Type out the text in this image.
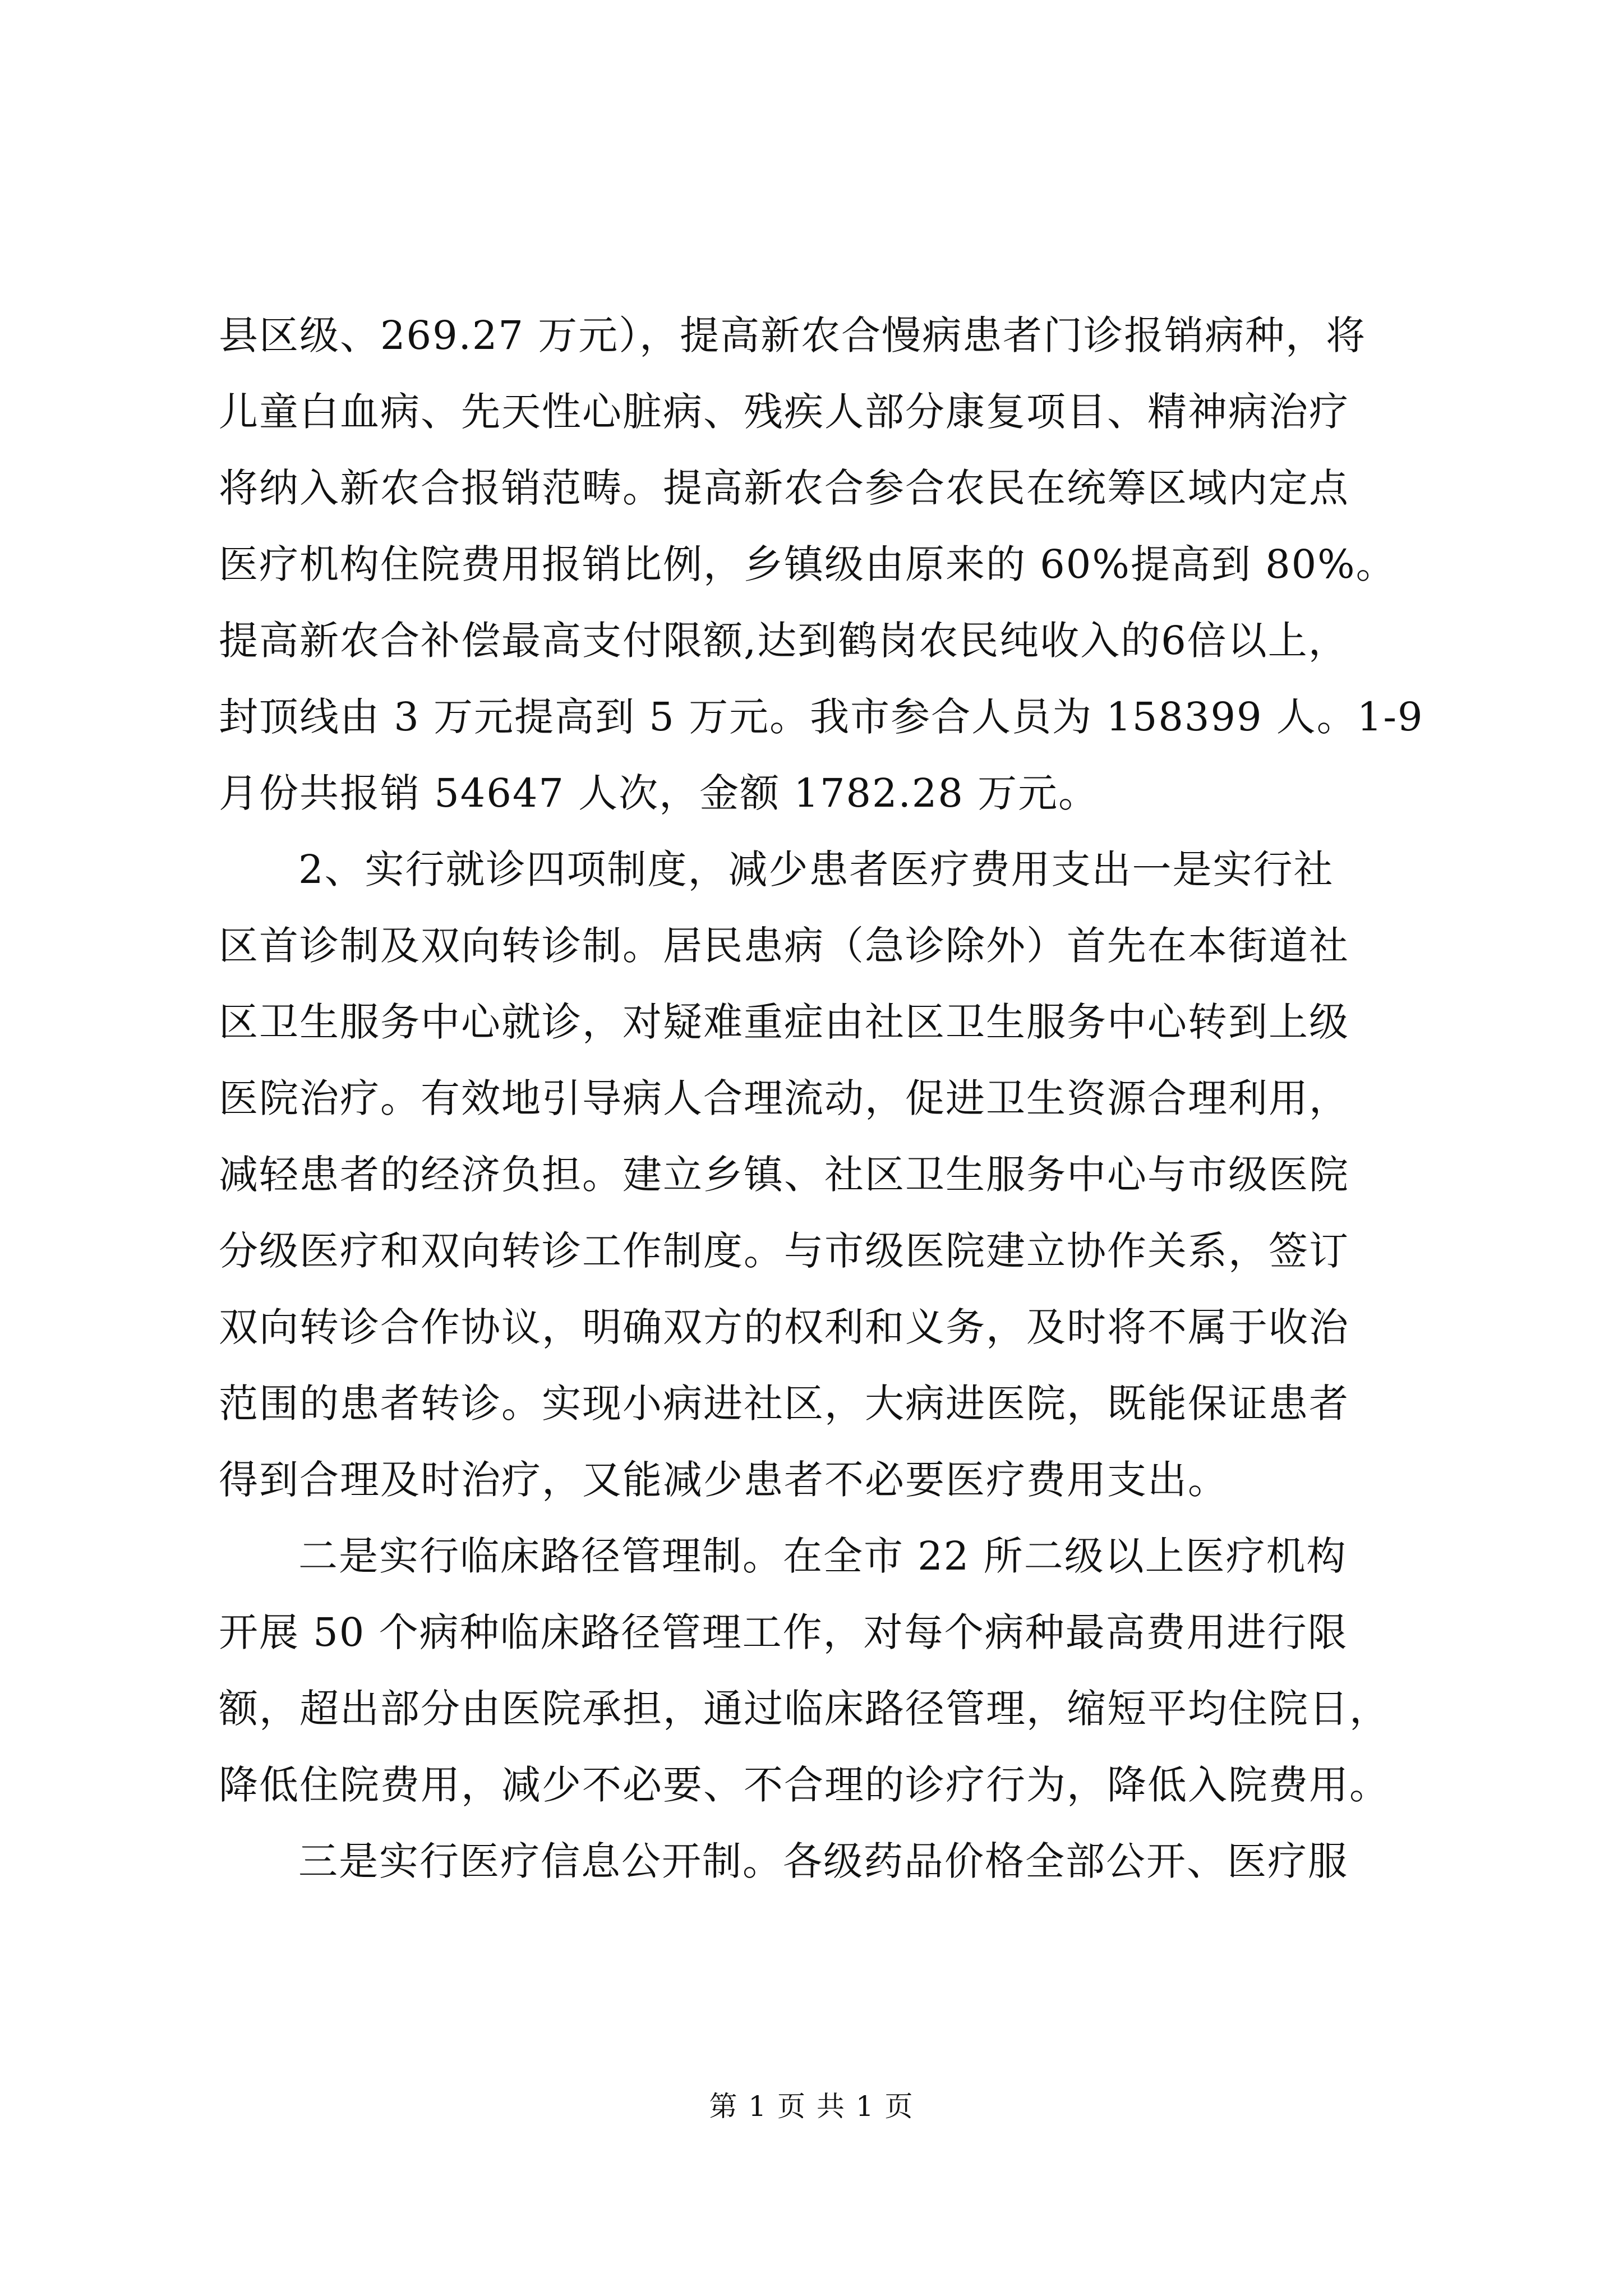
县区级、269.27 万元），提高新农合慢病患者门诊报销病种，将
儿童白血病、先天性心脏病、残疾人部分康复项目、精神病治疗
将纳入新农合报销范畴。提高新农合参合农民在统筹区域内定点
医疗机构住院费用报销比例，乡镇级由原来的 60%提高到 80%。
提高新农合补偿最高支付限额,达到鹤岗农民纯收入的6倍以上，
封顶线由 3 万元提高到 5 万元。我市参合人员为 158399 人。1-9
月份共报销 54647 人次，金额 1782.28 万元。
2、实行就诊四项制度，减少患者医疗费用支出一是实行社
区首诊制及双向转诊制。居民患病（急诊除外）首先在本街道社
区卫生服务中心就诊，对疑难重症由社区卫生服务中心转到上级
医院治疗。有效地引导病人合理流动，促进卫生资源合理利用，
减轻患者的经济负担。建立乡镇、社区卫生服务中心与市级医院
分级医疗和双向转诊工作制度。与市级医院建立协作关系，签订
双向转诊合作协议，明确双方的权利和义务，及时将不属于收治
范围的患者转诊。实现小病进社区，大病进医院，既能保证患者
得到合理及时治疗，又能减少患者不必要医疗费用支出。
二是实行临床路径管理制。在全市 22 所二级以上医疗机构
开展 50 个病种临床路径管理工作，对每个病种最高费用进行限
额，超出部分由医院承担，通过临床路径管理，缩短平均住院日，
降低住院费用，减少不必要、不合理的诊疗行为，降低入院费用。
三是实行医疗信息公开制。各级药品价格全部公开、医疗服
第 1 页 共 1 页
